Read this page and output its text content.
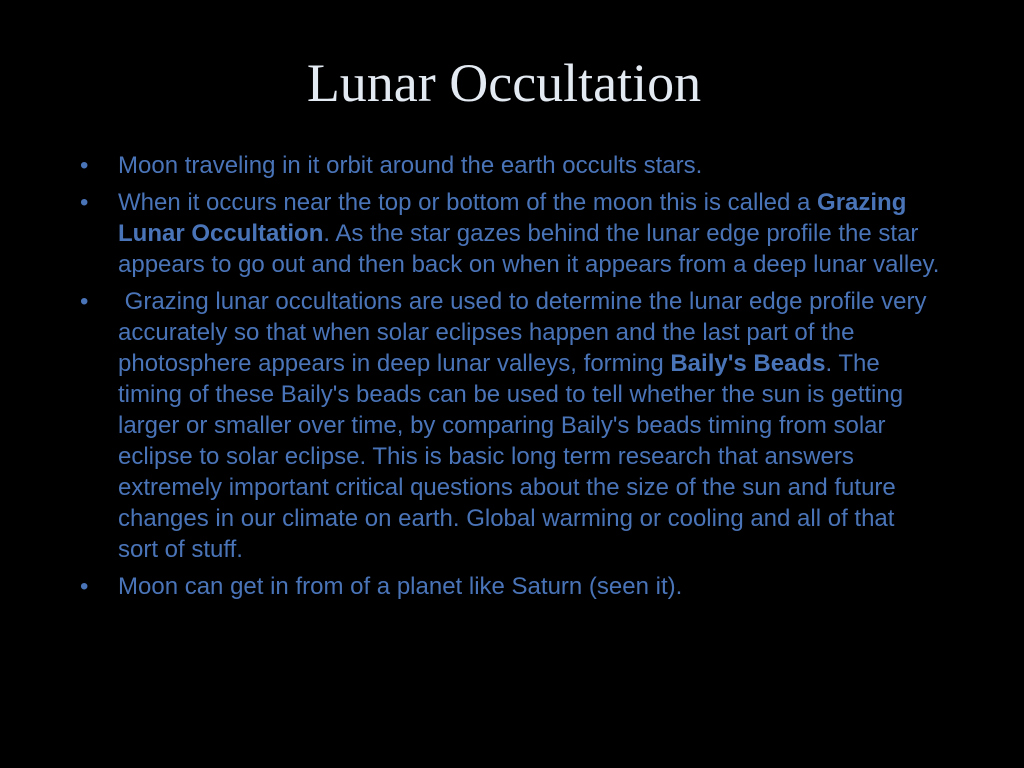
Lunar Occultation
•	Moon traveling in it orbit around the earth occults stars.
•	When it occurs near the top or bottom of the moon this is called a Grazing Lunar Occultation. As the star gazes behind the lunar edge profile the star appears to go out and then back on when it appears from a deep lunar valley.
•	Grazing lunar occultations are used to determine the lunar edge profile very accurately so that when solar eclipses happen and the last part of the photosphere appears in deep lunar valleys, forming Baily's Beads. The timing of these Baily's beads can be used to tell whether the sun is getting larger or smaller over time, by comparing Baily's beads timing from solar eclipse to solar eclipse. This is basic long term research that answers extremely important critical questions about the size of the sun and future changes in our climate on earth. Global warming or cooling and all of that sort of stuff.
•	Moon can get in from of a planet like Saturn (seen it).
